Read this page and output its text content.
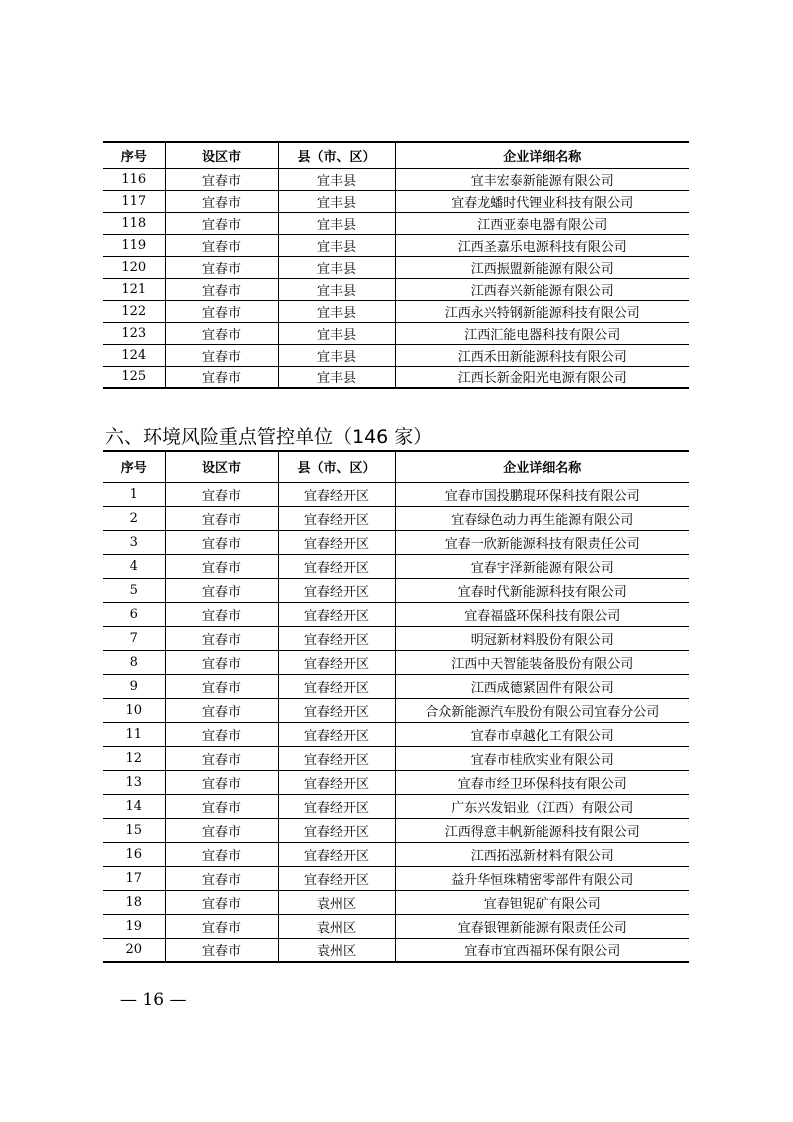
序号	设区市	县（市、区）	企业详细名称
116	宜春市	宜丰县	宜丰宏泰新能源有限公司
117	宜春市	宜丰县	宜春龙蟠时代锂业科技有限公司
118	宜春市	宜丰县	江西亚泰电器有限公司
119	宜春市	宜丰县	江西圣嘉乐电源科技有限公司
120	宜春市	宜丰县	江西振盟新能源有限公司
121	宜春市	宜丰县	江西春兴新能源有限公司
122	宜春市	宜丰县	江西永兴特钢新能源科技有限公司
123	宜春市	宜丰县	江西汇能电器科技有限公司
124	宜春市	宜丰县	江西禾田新能源科技有限公司
125	宜春市	宜丰县	江西长新金阳光电源有限公司
六、环境风险重点管控单位（146 家）
序号	设区市	县（市、区）	企业详细名称
1	宜春市	宜春经开区	宜春市国投鹏琨环保科技有限公司
2	宜春市	宜春经开区	宜春绿色动力再生能源有限公司
3	宜春市	宜春经开区	宜春一欣新能源科技有限责任公司
4	宜春市	宜春经开区	宜春宇泽新能源有限公司
5	宜春市	宜春经开区	宜春时代新能源科技有限公司
6	宜春市	宜春经开区	宜春福盛环保科技有限公司
7	宜春市	宜春经开区	明冠新材料股份有限公司
8	宜春市	宜春经开区	江西中天智能装备股份有限公司
9	宜春市	宜春经开区	江西成德紧固件有限公司
10	宜春市	宜春经开区	合众新能源汽车股份有限公司宜春分公司
11	宜春市	宜春经开区	宜春市卓越化工有限公司
12	宜春市	宜春经开区	宜春市桂欣实业有限公司
13	宜春市	宜春经开区	宜春市经卫环保科技有限公司
14	宜春市	宜春经开区	广东兴发铝业（江西）有限公司
15	宜春市	宜春经开区	江西得意丰帆新能源科技有限公司
16	宜春市	宜春经开区	江西拓泓新材料有限公司
17	宜春市	宜春经开区	益升华恒珠精密零部件有限公司
18	宜春市	袁州区	宜春钽铌矿有限公司
19	宜春市	袁州区	宜春银锂新能源有限责任公司
20	宜春市	袁州区	宜春市宜西福环保有限公司
— 16 —
